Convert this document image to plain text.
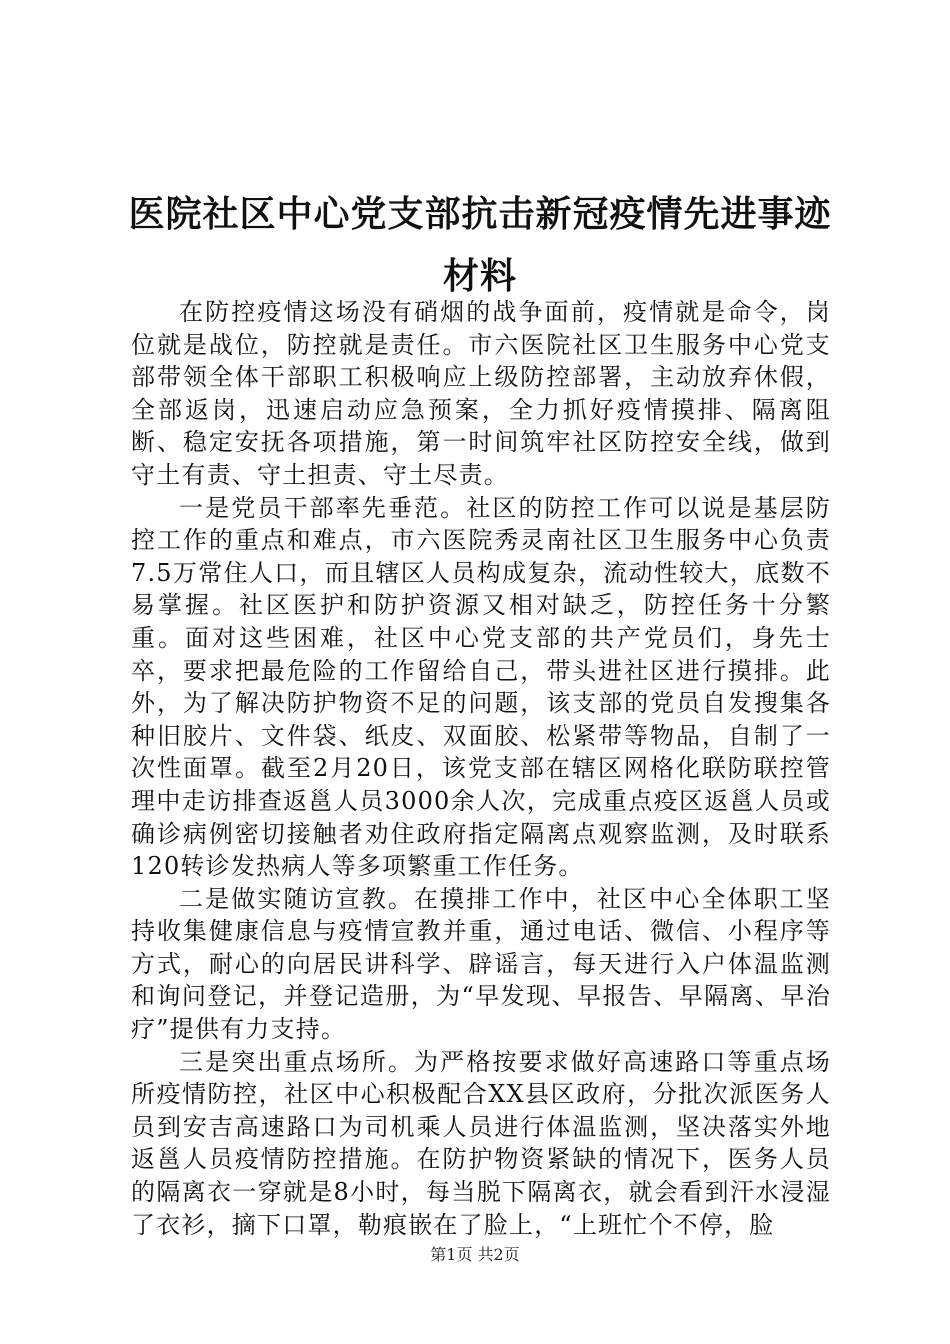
医院社区中心党支部抗击新冠疫情先进事迹材料

在防控疫情这场没有硝烟的战争面前，疫情就是命令，岗位就是战位，防控就是责任。市六医院社区卫生服务中心党支部带领全体干部职工积极响应上级防控部署，主动放弃休假，全部返岗，迅速启动应急预案，全力抓好疫情摸排、隔离阻断、稳定安抚各项措施，第一时间筑牢社区防控安全线，做到守土有责、守土担责、守土尽责。

一是党员干部率先垂范。社区的防控工作可以说是基层防控工作的重点和难点，市六医院秀灵南社区卫生服务中心负责7.5万常住人口，而且辖区人员构成复杂，流动性较大，底数不易掌握。社区医护和防护资源又相对缺乏，防控任务十分繁重。面对这些困难，社区中心党支部的共产党员们，身先士卒，要求把最危险的工作留给自己，带头进社区进行摸排。此外，为了解决防护物资不足的问题，该支部的党员自发搜集各种旧胶片、文件袋、纸皮、双面胶、松紧带等物品，自制了一次性面罩。截至2月20日，该党支部在辖区网格化联防联控管理中走访排查返邕人员3000余人次，完成重点疫区返邕人员或确诊病例密切接触者劝住政府指定隔离点观察监测，及时联系120转诊发热病人等多项繁重工作任务。

二是做实随访宣教。在摸排工作中，社区中心全体职工坚持收集健康信息与疫情宣教并重，通过电话、微信、小程序等方式，耐心的向居民讲科学、辟谣言，每天进行入户体温监测和询问登记，并登记造册，为“早发现、早报告、早隔离、早治疗”提供有力支持。

三是突出重点场所。为严格按要求做好高速路口等重点场所疫情防控，社区中心积极配合XX县区政府，分批次派医务人员到安吉高速路口为司机乘人员进行体温监测，坚决落实外地返邕人员疫情防控措施。在防护物资紧缺的情况下，医务人员的隔离衣一穿就是8小时，每当脱下隔离衣，就会看到汗水浸湿了衣衫，摘下口罩，勒痕嵌在了脸上，“上班忙个不停，脸

第1页 共2页
